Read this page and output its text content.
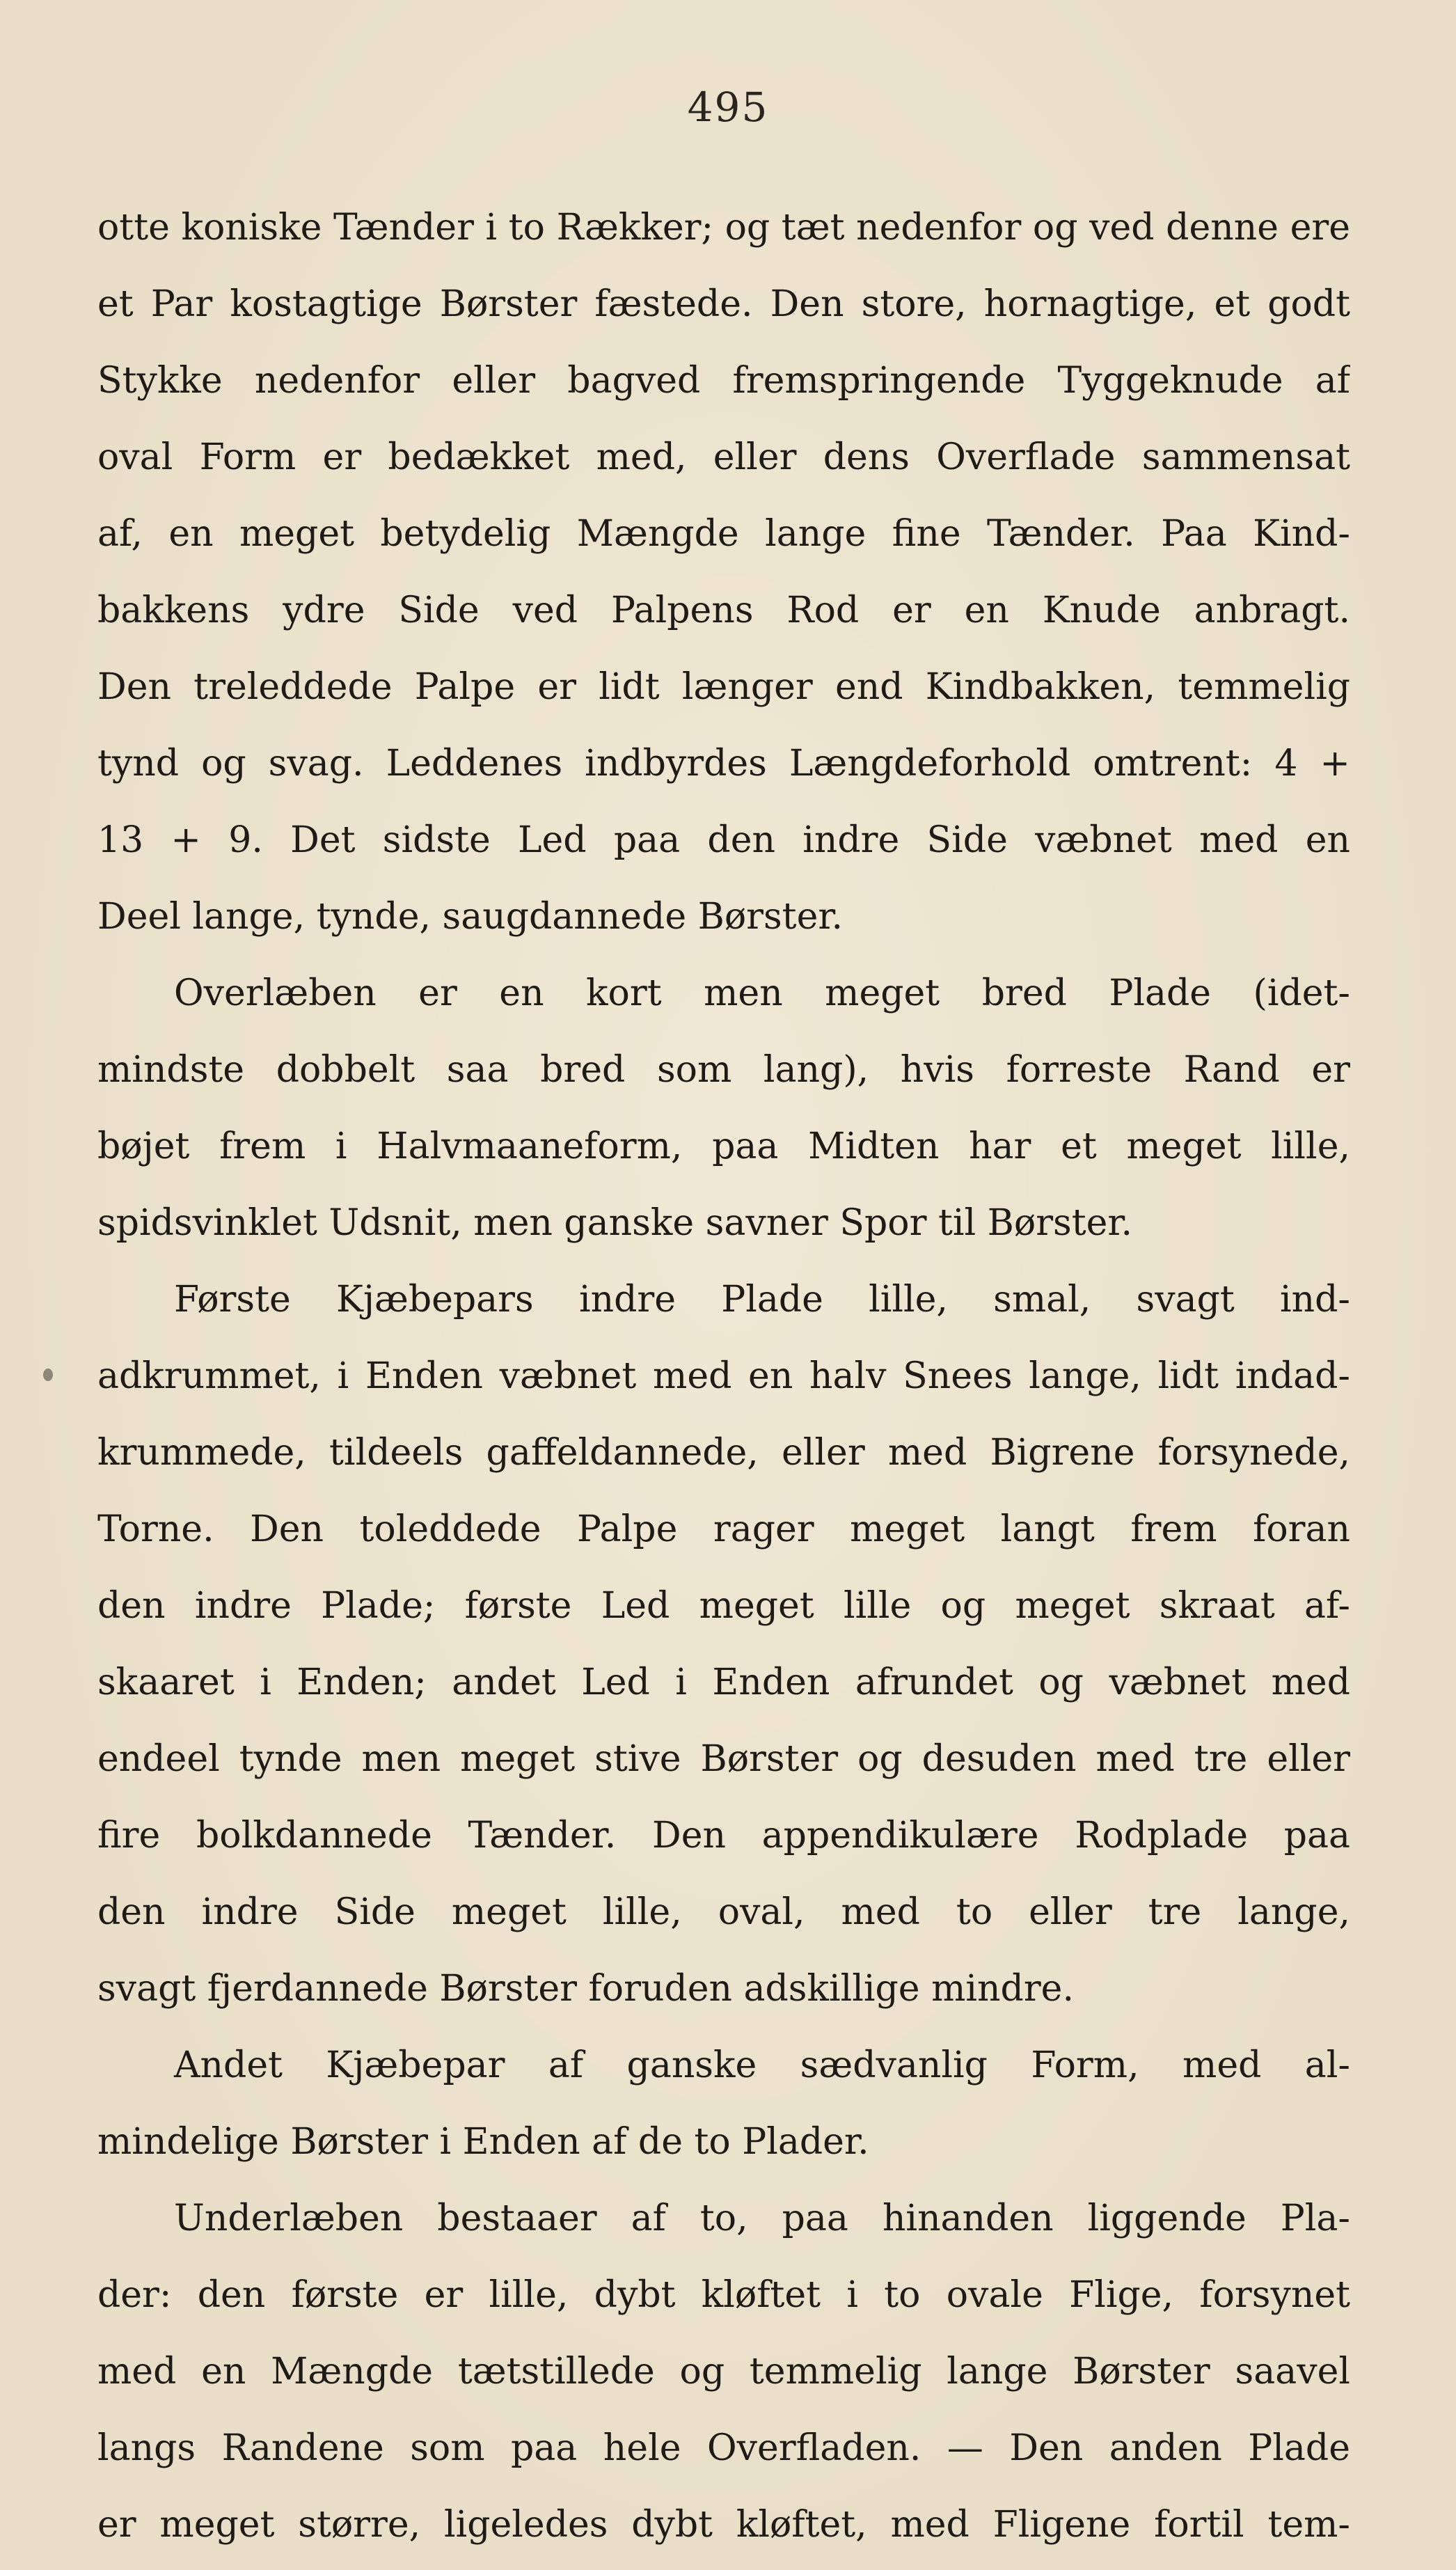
495
otte koniske Tænder i to Rækker; og tæt nedenfor og ved denne ere
et Par kostagtige Børster fæstede. Den store, hornagtige, et godt
Stykke nedenfor eller bagved fremspringende Tyggeknude af
oval Form er bedækket med, eller dens Overflade sammensat
af, en meget betydelig Mængde lange fine Tænder. Paa Kind-
bakkens ydre Side ved Palpens Rod er en Knude anbragt.
Den treleddede Palpe er lidt længer end Kindbakken, temmelig
tynd og svag. Leddenes indbyrdes Længdeforhold omtrent: 4 +
13 + 9. Det sidste Led paa den indre Side væbnet med en
Deel lange, tynde, saugdannede Børster.
Overlæben er en kort men meget bred Plade (idet-
mindste dobbelt saa bred som lang), hvis forreste Rand er
bøjet frem i Halvmaaneform, paa Midten har et meget lille,
spidsvinklet Udsnit, men ganske savner Spor til Børster.
Første Kjæbepars indre Plade lille, smal, svagt ind-
adkrummet, i Enden væbnet med en halv Snees lange, lidt indad-
krummede, tildeels gaffeldannede, eller med Bigrene forsynede,
Torne. Den toleddede Palpe rager meget langt frem foran
den indre Plade; første Led meget lille og meget skraat af-
skaaret i Enden; andet Led i Enden afrundet og væbnet med
endeel tynde men meget stive Børster og desuden med tre eller
fire bolkdannede Tænder. Den appendikulære Rodplade paa
den indre Side meget lille, oval, med to eller tre lange,
svagt fjerdannede Børster foruden adskillige mindre.
Andet Kjæbepar af ganske sædvanlig Form, med al-
mindelige Børster i Enden af de to Plader.
Underlæben bestaaer af to, paa hinanden liggende Pla-
der: den første er lille, dybt kløftet i to ovale Flige, forsynet
med en Mængde tætstillede og temmelig lange Børster saavel
langs Randene som paa hele Overfladen. — Den anden Plade
er meget større, ligeledes dybt kløftet, med Fligene fortil tem-
